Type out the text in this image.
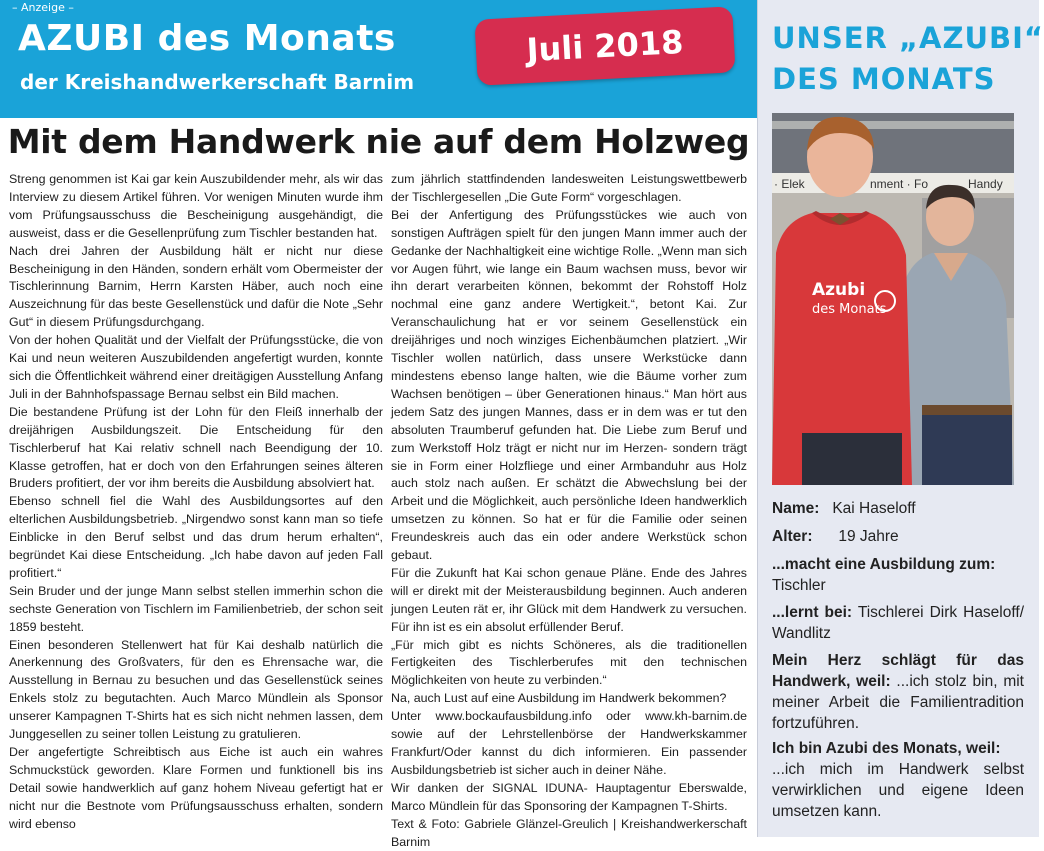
– Anzeige –
AZUBI des Monats
der Kreishandwerkerschaft Barnim
Juli 2018
Mit dem Handwerk nie auf dem Holzweg

Streng genommen ist Kai gar kein Auszubildender mehr, als wir das Interview zu diesem Artikel führen. Vor wenigen Minuten wurde ihm vom Prüfungsausschuss die Bescheinigung ausgehändigt, die ausweist, dass er die Gesellenprüfung zum Tischler bestanden hat.

Nach drei Jahren der Ausbildung hält er nicht nur diese Bescheinigung in den Händen, sondern erhält vom Obermeister der Tischlerinnung Barnim, Herrn Karsten Häber, auch noch eine Auszeichnung für das beste Gesellenstück und dafür die Note „Sehr Gut“ in diesem Prüfungsdurchgang.

Von der hohen Qualität und der Vielfalt der Prüfungsstücke, die von Kai und neun weiteren Auszubildenden angefertigt wurden, konnte sich die Öffentlichkeit während einer dreitägigen Ausstellung Anfang Juli in der Bahnhofspassage Bernau selbst ein Bild machen.

Die bestandene Prüfung ist der Lohn für den Fleiß innerhalb der dreijährigen Ausbildungszeit. Die Entscheidung für den Tischlerberuf hat Kai relativ schnell nach Beendigung der 10. Klasse getroffen, hat er doch von den Erfahrungen seines älteren Bruders profitiert, der vor ihm bereits die Ausbildung absolviert hat.

Ebenso schnell fiel die Wahl des Ausbildungsortes auf den elterlichen Ausbildungsbetrieb. „Nirgendwo sonst kann man so tiefe Einblicke in den Beruf selbst und das drum herum erhalten“, begründet Kai diese Entscheidung. „Ich habe davon auf jeden Fall profitiert.“

Sein Bruder und der junge Mann selbst stellen immerhin schon die sechste Generation von Tischlern im Familienbetrieb, der schon seit 1859 besteht.

Einen besonderen Stellenwert hat für Kai deshalb natürlich die Anerkennung des Großvaters, für den es Ehrensache war, die Ausstellung in Bernau zu besuchen und das Gesellenstück seines Enkels stolz zu begutachten. Auch Marco Mündlein als Sponsor unserer Kampagnen T-Shirts hat es sich nicht nehmen lassen, dem Junggesellen zu seiner tollen Leistung zu gratulieren.

Der angefertigte Schreibtisch aus Eiche ist auch ein wahres Schmuckstück geworden. Klare Formen und funktionell bis ins Detail sowie handwerklich auf ganz hohem Niveau gefertigt hat er nicht nur die Bestnote vom Prüfungsausschuss erhalten, sondern wird ebenso

zum jährlich stattfindenden landesweiten Leistungswettbewerb der Tischlergesellen „Die Gute Form“ vorgeschlagen.

Bei der Anfertigung des Prüfungsstückes wie auch von sonstigen Aufträgen spielt für den jungen Mann immer auch der Gedanke der Nachhaltigkeit eine wichtige Rolle. „Wenn man sich vor Augen führt, wie lange ein Baum wachsen muss, bevor wir ihn derart verarbeiten können, bekommt der Rohstoff Holz nochmal eine ganz andere Wertigkeit.“, betont Kai. Zur Veranschaulichung hat er vor seinem Gesellenstück ein dreijähriges und noch winziges Eichenbäumchen platziert. „Wir Tischler wollen natürlich, dass unsere Werkstücke dann mindestens ebenso lange halten, wie die Bäume vorher zum Wachsen benötigen – über Generationen hinaus.“ Man hört aus jedem Satz des jungen Mannes, dass er in dem was er tut den absoluten Traumberuf gefunden hat. Die Liebe zum Beruf und zum Werkstoff Holz trägt er nicht nur im Herzen- sondern trägt sie in Form einer Holzfliege und einer Armbanduhr aus Holz auch stolz nach außen. Er schätzt die Abwechslung bei der Arbeit und die Möglichkeit, auch persönliche Ideen handwerklich umsetzen zu können. So hat er für die Familie oder seinen Freundeskreis auch das ein oder andere Werkstück schon gebaut.

Für die Zukunft hat Kai schon genaue Pläne. Ende des Jahres will er direkt mit der Meisterausbildung beginnen. Auch anderen jungen Leuten rät er, ihr Glück mit dem Handwerk zu versuchen. Für ihn ist es ein absolut erfüllender Beruf.

„Für mich gibt es nichts Schöneres, als die traditionellen Fertigkeiten des Tischlerberufes mit den technischen Möglichkeiten von heute zu verbinden.“

Na, auch Lust auf eine Ausbildung im Handwerk bekommen?

Unter www.bockaufausbildung.info oder www.kh-barnim.de sowie auf der Lehrstellenbörse der Handwerkskammer Frankfurt/Oder kannst du dich informieren. Ein passender Ausbildungsbetrieb ist sicher auch in deiner Nähe.

Wir danken der SIGNAL IDUNA- Hauptagentur Eberswalde, Marco Mündlein für das Sponsoring der Kampagnen T-Shirts.

Text & Foto: Gabriele Glänzel-Greulich | Kreishandwerkerschaft Barnim

UNSER „AZUBI“
DES MONATS
· Elek	nment · Fo	Handy
Azubi
des Monats
Name: Kai Haseloff
Alter: 19 Jahre
...macht eine Ausbildung zum:
Tischler
...lernt bei: Tischlerei Dirk Haseloff/ Wandlitz
Mein Herz schlägt für das Handwerk, weil: ...ich stolz bin, mit meiner Arbeit die Familientradition fortzuführen.
Ich bin Azubi des Monats, weil:
...ich mich im Handwerk selbst verwirklichen und eigene Ideen umsetzen kann.
